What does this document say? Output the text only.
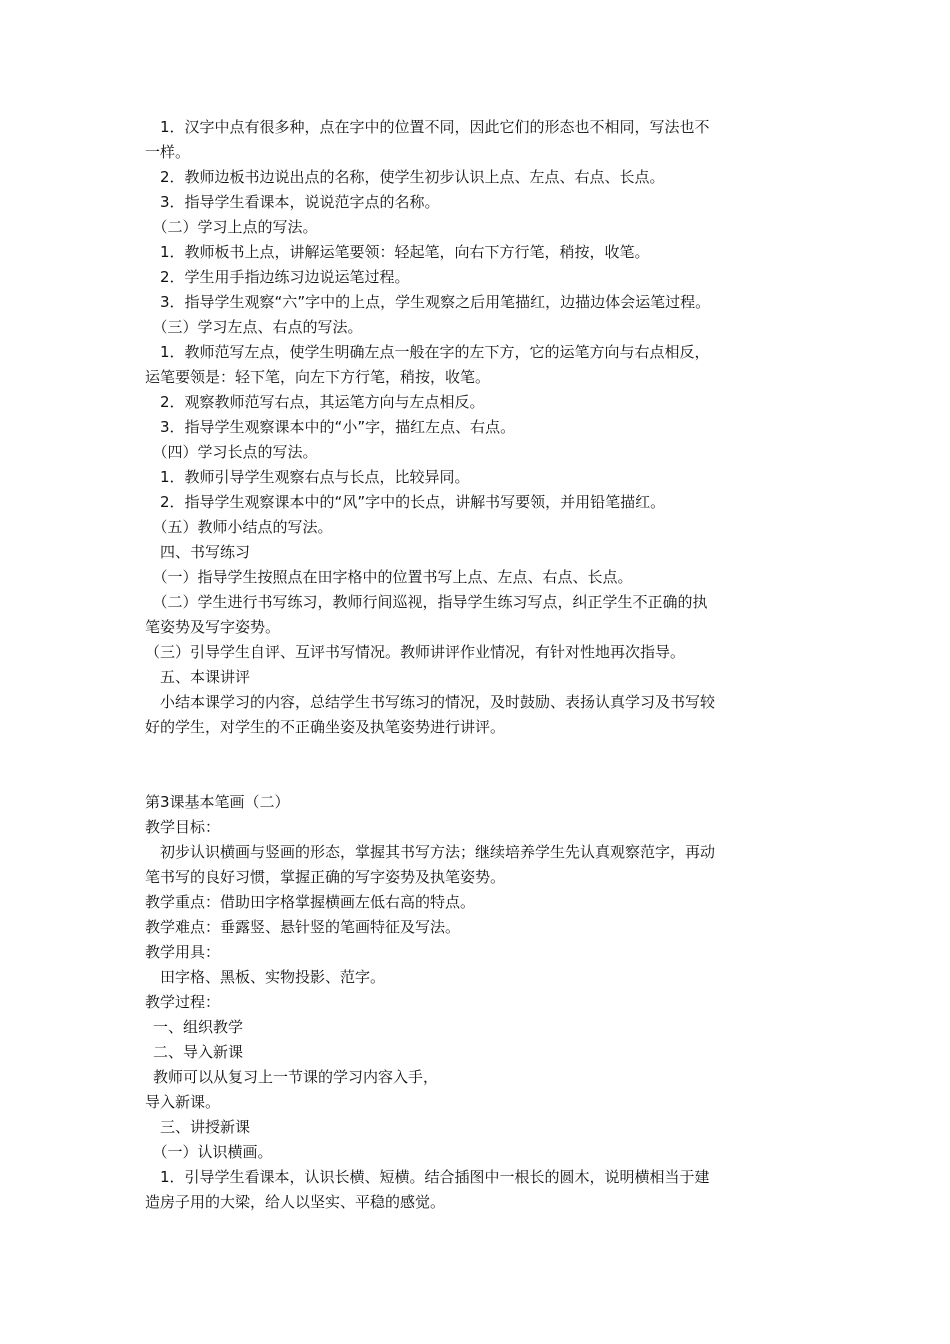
　1．汉字中点有很多种，点在字中的位置不同，因此它们的形态也不相同，写法也不
一样。
　2．教师边板书边说出点的名称，使学生初步认识上点、左点、右点、长点。
　3．指导学生看课本，说说范字点的名称。
　（二）学习上点的写法。
　1．教师板书上点，讲解运笔要领：轻起笔，向右下方行笔，稍按，收笔。
　2．学生用手指边练习边说运笔过程。
　3．指导学生观察“六”字中的上点，学生观察之后用笔描红，边描边体会运笔过程。
　（三）学习左点、右点的写法。
　1．教师范写左点，使学生明确左点一般在字的左下方，它的运笔方向与右点相反，
运笔要领是：轻下笔，向左下方行笔，稍按，收笔。
　2．观察教师范写右点，其运笔方向与左点相反。
　3．指导学生观察课本中的“小”字，描红左点、右点。
　（四）学习长点的写法。
　1．教师引导学生观察右点与长点，比较异同。
　2．指导学生观察课本中的“风”字中的长点，讲解书写要领，并用铅笔描红。
　（五）教师小结点的写法。
　四、书写练习
　（一）指导学生按照点在田字格中的位置书写上点、左点、右点、长点。
　（二）学生进行书写练习，教师行间巡视，指导学生练习写点，纠正学生不正确的执
笔姿势及写字姿势。
（三）引导学生自评、互评书写情况。教师讲评作业情况，有针对性地再次指导。
　五、本课讲评
　小结本课学习的内容，总结学生书写练习的情况，及时鼓励、表扬认真学习及书写较
好的学生，对学生的不正确坐姿及执笔姿势进行讲评。
第3课基本笔画（二）
教学目标：
　初步认识横画与竖画的形态，掌握其书写方法；继续培养学生先认真观察范字，再动
笔书写的良好习惯，掌握正确的写字姿势及执笔姿势。
教学重点：借助田字格掌握横画左低右高的特点。
教学难点：垂露竖、悬针竖的笔画特征及写法。
教学用具：
　田字格、黑板、实物投影、范字。
教学过程：
一、组织教学
二、导入新课
教师可以从复习上一节课的学习内容入手，
导入新课。
　三、讲授新课
　（一）认识横画。
　1．引导学生看课本，认识长横、短横。结合插图中一根长的圆木，说明横相当于建
造房子用的大梁，给人以坚实、平稳的感觉。
